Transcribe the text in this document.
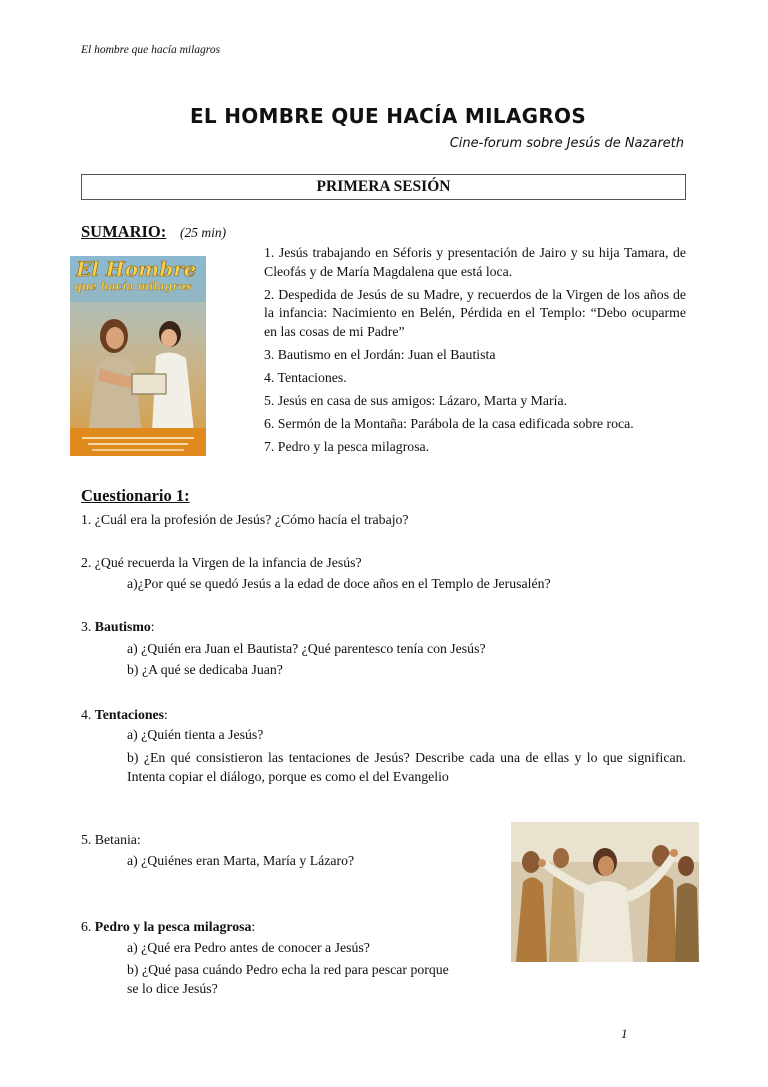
El hombre que hacía milagros
EL HOMBRE QUE HACÍA MILAGROS
Cine-forum sobre Jesús de Nazareth
PRIMERA SESIÓN
SUMARIO: (25 min)
El Hombre
que hacía milagros
1. Jesús trabajando en Séforis y presentación de Jairo y su hija Tamara, de Cleofás y de María Magdalena que está loca.
2. Despedida de Jesús de su Madre, y recuerdos de la Virgen de los años de la infancia: Nacimiento en Belén, Pérdida en el Templo: “Debo ocuparme en las cosas de mi Padre”
3. Bautismo en el Jordán: Juan el Bautista
4. Tentaciones.
5. Jesús en casa de sus amigos: Lázaro, Marta y María.
6. Sermón de la Montaña: Parábola de la casa edificada sobre roca.
7. Pedro y la pesca milagrosa.
Cuestionario 1:
1. ¿Cuál era la profesión de Jesús? ¿Cómo hacía el trabajo?
2. ¿Qué recuerda la Virgen de la infancia de Jesús?
a)¿Por qué se quedó Jesús a la edad de doce años en el Templo de Jerusalén?
3. Bautismo:
a) ¿Quién era Juan el Bautista? ¿Qué parentesco tenía con Jesús?
b) ¿A qué se dedicaba Juan?
4. Tentaciones:
a) ¿Quién tienta a Jesús?
b) ¿En qué consistieron las tentaciones de Jesús? Describe cada una de ellas y lo que significan. Intenta copiar el diálogo, porque es como el del Evangelio
5. Betania:
a) ¿Quiénes eran Marta, María y Lázaro?
6. Pedro y la pesca milagrosa:
a) ¿Qué era Pedro antes de conocer a Jesús?
b) ¿Qué pasa cuándo Pedro echa la red para pescar porque
se lo dice Jesús?
1
